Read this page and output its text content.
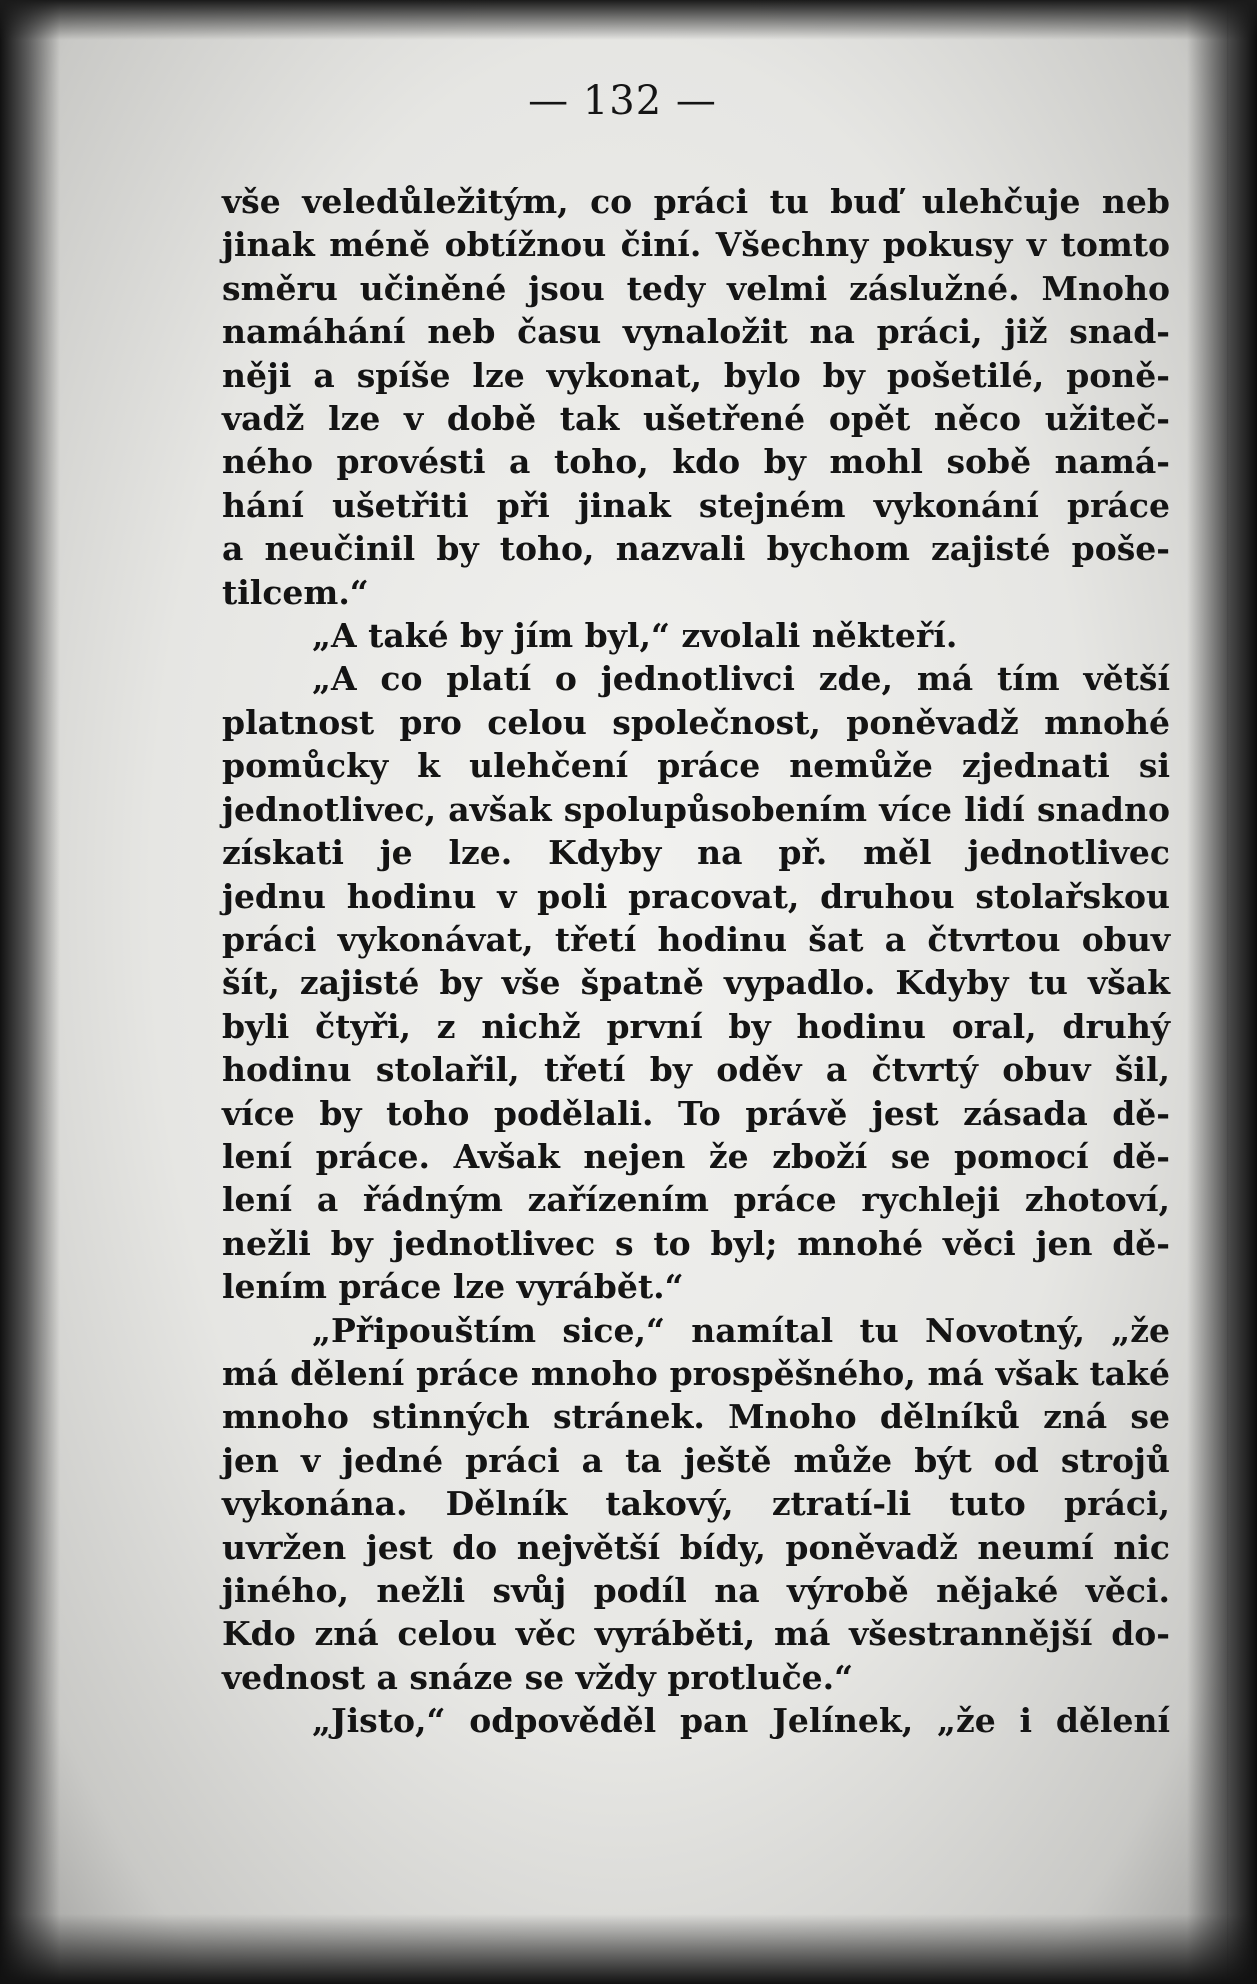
— 132 —
vše veledůležitým, co práci tu buď ulehčuje neb
jinak méně obtížnou činí. Všechny pokusy v tomto
směru učiněné jsou tedy velmi záslužné. Mnoho
namáhání neb času vynaložit na práci, již snad-
něji a spíše lze vykonat, bylo by pošetilé, poně-
vadž lze v době tak ušetřené opět něco užiteč-
ného provésti a toho, kdo by mohl sobě namá-
hání ušetřiti při jinak stejném vykonání práce
a neučinil by toho, nazvali bychom zajisté poše-
tilcem.“
„A také by jím byl,“ zvolali někteří.
„A co platí o jednotlivci zde, má tím větší
platnost pro celou společnost, poněvadž mnohé
pomůcky k ulehčení práce nemůže zjednati si
jednotlivec, avšak spolupůsobením více lidí snadno
získati je lze. Kdyby na př. měl jednotlivec
jednu hodinu v poli pracovat, druhou stolařskou
práci vykonávat, třetí hodinu šat a čtvrtou obuv
šít, zajisté by vše špatně vypadlo. Kdyby tu však
byli čtyři, z nichž první by hodinu oral, druhý
hodinu stolařil, třetí by oděv a čtvrtý obuv šil,
více by toho podělali. To právě jest zásada dě-
lení práce. Avšak nejen že zboží se pomocí dě-
lení a řádným zařízením práce rychleji zhotoví,
nežli by jednotlivec s to byl; mnohé věci jen dě-
lením práce lze vyrábět.“
„Připouštím sice,“ namítal tu Novotný, „že
má dělení práce mnoho prospěšného, má však také
mnoho stinných stránek. Mnoho dělníků zná se
jen v jedné práci a ta ještě může být od strojů
vykonána. Dělník takový, ztratí-li tuto práci,
uvržen jest do největší bídy, poněvadž neumí nic
jiného, nežli svůj podíl na výrobě nějaké věci.
Kdo zná celou věc vyráběti, má všestrannější do-
vednost a snáze se vždy protluče.“
„Jisto,“ odpověděl pan Jelínek, „že i dělení
